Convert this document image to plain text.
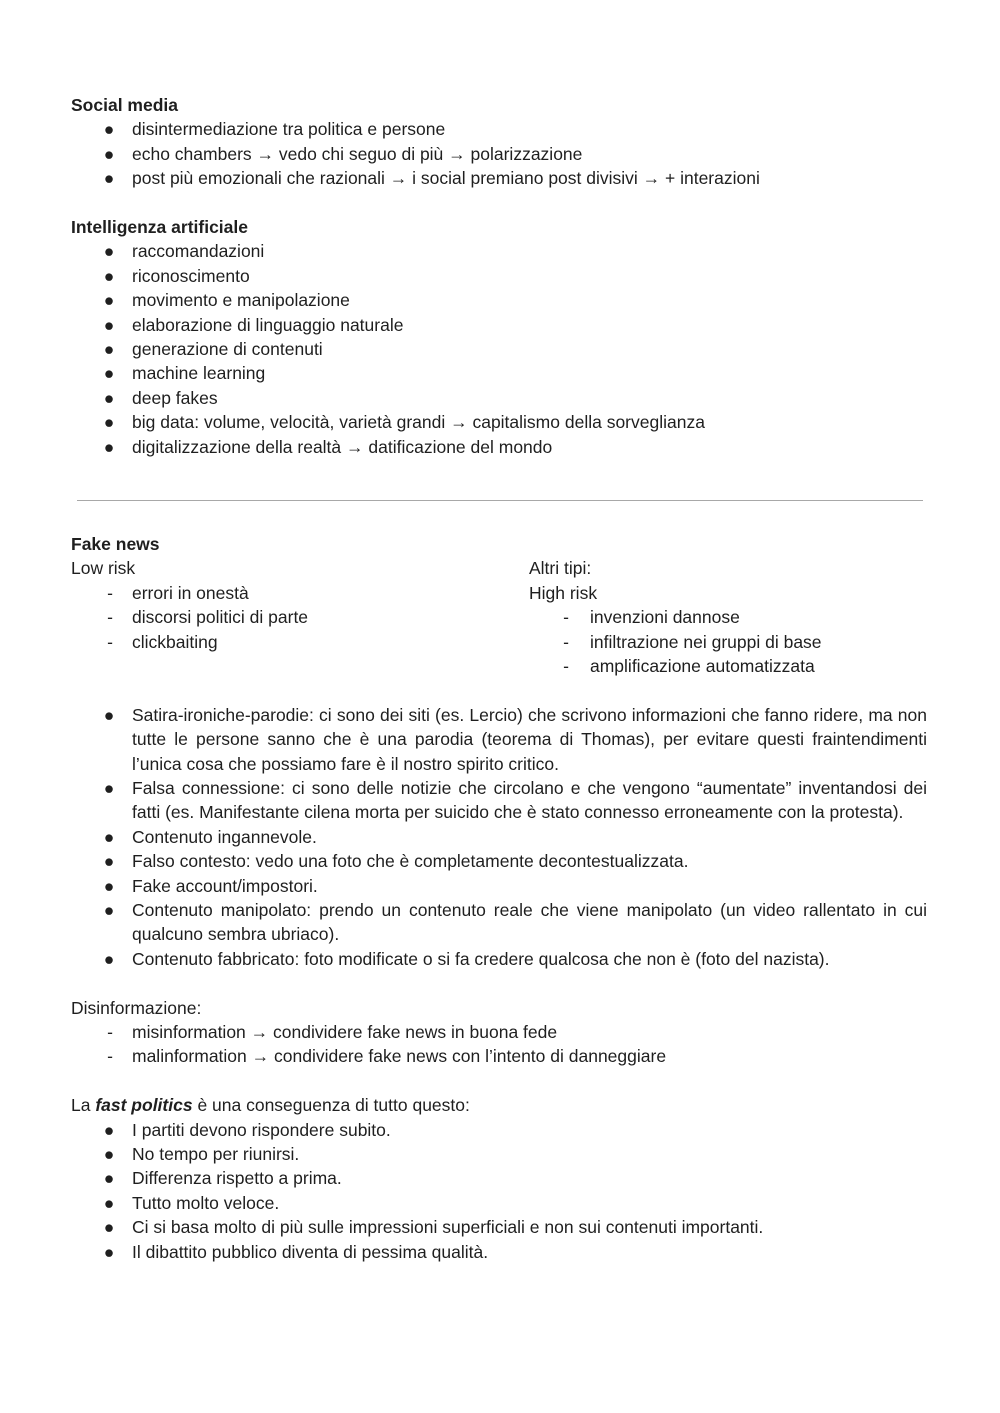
Social media
● disintermediazione tra politica e persone
● echo chambers → vedo chi seguo di più → polarizzazione
● post più emozionali che razionali → i social premiano post divisivi → + interazioni
Intelligenza artificiale
● raccomandazioni
● riconoscimento
● movimento e manipolazione
● elaborazione di linguaggio naturale
● generazione di contenuti
● machine learning
● deep fakes
● big data: volume, velocità, varietà grandi → capitalismo della sorveglianza
● digitalizzazione della realtà → datificazione del mondo
Fake news
Low risk
- errori in onestà
- discorsi politici di parte
- clickbaiting
Altri tipi:
High risk
- invenzioni dannose
- infiltrazione nei gruppi di base
- amplificazione automatizzata
● Satira-ironiche-parodie: ci sono dei siti (es. Lercio) che scrivono informazioni che fanno ridere, ma non tutte le persone sanno che è una parodia (teorema di Thomas), per evitare questi fraintendimenti l’unica cosa che possiamo fare è il nostro spirito critico.
● Falsa connessione: ci sono delle notizie che circolano e che vengono “aumentate” inventandosi dei fatti (es. Manifestante cilena morta per suicido che è stato connesso erroneamente con la protesta).
● Contenuto ingannevole.
● Falso contesto: vedo una foto che è completamente decontestualizzata.
● Fake account/impostori.
● Contenuto manipolato: prendo un contenuto reale che viene manipolato (un video rallentato in cui qualcuno sembra ubriaco).
● Contenuto fabbricato: foto modificate o si fa credere qualcosa che non è (foto del nazista).
Disinformazione:
- misinformation → condividere fake news in buona fede
- malinformation → condividere fake news con l’intento di danneggiare
La fast politics è una conseguenza di tutto questo:
● I partiti devono rispondere subito.
● No tempo per riunirsi.
● Differenza rispetto a prima.
● Tutto molto veloce.
● Ci si basa molto di più sulle impressioni superficiali e non sui contenuti importanti.
● Il dibattito pubblico diventa di pessima qualità.
